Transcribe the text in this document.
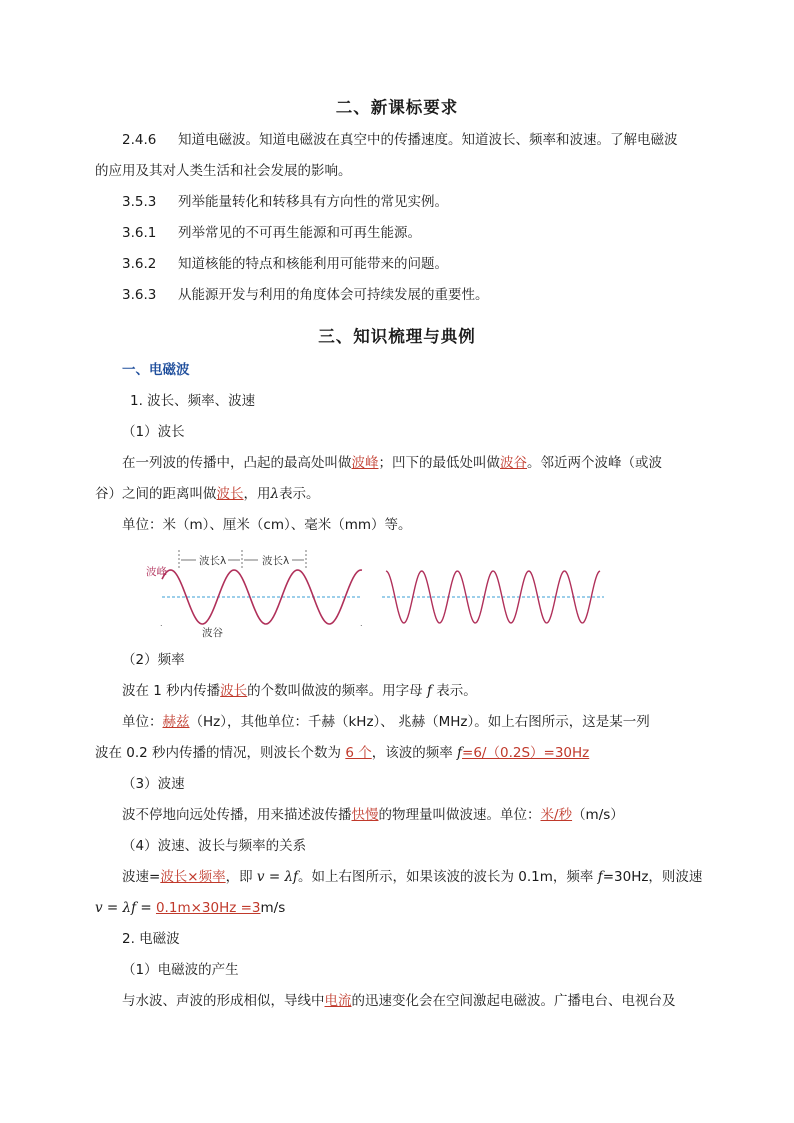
二、新课标要求
2.4.6 知道电磁波。知道电磁波在真空中的传播速度。知道波长、频率和波速。了解电磁波
的应用及其对人类生活和社会发展的影响。
3.5.3 列举能量转化和转移具有方向性的常见实例。
3.6.1 列举常见的不可再生能源和可再生能源。
3.6.2 知道核能的特点和核能利用可能带来的问题。
3.6.3 从能源开发与利用的角度体会可持续发展的重要性。
三、知识梳理与典例
一、电磁波
1. 波长、频率、波速
（1）波长
在一列波的传播中，凸起的最高处叫做波峰；凹下的最低处叫做波谷。邻近两个波峰（或波
谷）之间的距离叫做波长，用λ表示。
单位：米（m）、厘米（cm）、毫米（mm）等。
波长λ	波长λ
波峰
波谷
.	.
（2）频率
波在 1 秒内传播波长的个数叫做波的频率。用字母 f 表示。
单位：赫兹（Hz），其他单位：千赫（kHz）、 兆赫（MHz）。如上右图所示，这是某一列
波在 0.2 秒内传播的情况，则波长个数为 6 个，该波的频率 f=6/（0.2S）=30Hz
（3）波速
波不停地向远处传播，用来描述波传播快慢的物理量叫做波速。单位：米/秒（m/s）
（4）波速、波长与频率的关系
波速=波长×频率，即 v = λf。如上右图所示，如果该波的波长为 0.1m，频率 f=30Hz，则波速
v = λf = 0.1m×30Hz =3m/s
2. 电磁波
（1）电磁波的产生
与水波、声波的形成相似，导线中电流的迅速变化会在空间激起电磁波。广播电台、电视台及
